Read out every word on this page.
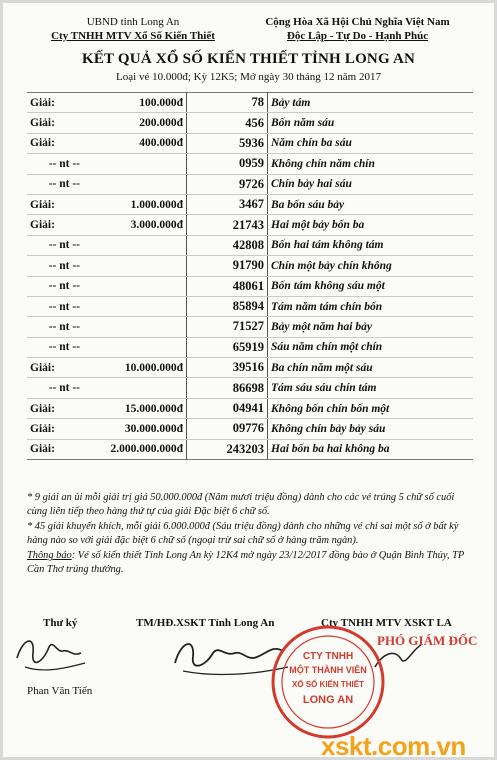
UBND tỉnh Long An
Cty TNHH MTV Xổ Số Kiến Thiết
Cộng Hòa Xã Hội Chủ Nghĩa Việt Nam
Độc Lập - Tự Do - Hạnh Phúc
KẾT QUẢ XỔ SỐ KIẾN THIẾT TỈNH LONG AN
Loại vé 10.000đ; Kỳ 12K5; Mở ngày 30 tháng 12 năm 2017
Giải:	100.000đ	78	Bảy tám
Giải:	200.000đ	456	Bốn năm sáu
Giải:	400.000đ	5936	Năm chín ba sáu
-- nt --		0959	Không chín năm chín
-- nt --		9726	Chín bảy hai sáu
Giải:	1.000.000đ	3467	Ba bốn sáu bảy
Giải:	3.000.000đ	21743	Hai một bảy bốn ba
-- nt --		42808	Bốn hai tám không tám
-- nt --		91790	Chín một bảy chín không
-- nt --		48061	Bốn tám không sáu một
-- nt --		85894	Tám năm tám chín bốn
-- nt --		71527	Bảy một năm hai bảy
-- nt --		65919	Sáu năm chín một chín
Giải:	10.000.000đ	39516	Ba chín năm một sáu
-- nt --		86698	Tám sáu sáu chín tám
Giải:	15.000.000đ	04941	Không bốn chín bốn một
Giải:	30.000.000đ	09776	Không chín bảy bảy sáu
Giải:	2.000.000.000đ	243203	Hai bốn ba hai không ba

* 9 giải an ủi mỗi giải trị giá 50.000.000đ (Năm mươi triệu đồng) dành cho các vé trúng 5 chữ số cuối cùng liên tiếp theo hàng thứ tự của giải Đặc biệt 6 chữ số.

* 45 giải khuyến khích, mỗi giải 6.000.000đ (Sáu triệu đồng) dành cho những vé chỉ sai một số ở bất kỳ hàng nào so với giải đặc biệt 6 chữ số (ngoại trừ sai chữ số ở hàng trăm ngàn).

Thông báo: Vé số kiến thiết Tỉnh Long An kỳ 12K4 mở ngày 23/12/2017 đồng bào ở Quận Bình Thủy, TP Cần Thơ trúng thưởng.

Thư ký	TM/HĐ.XSKT Tỉnh Long An	Cty TNHH MTV XSKT LA
CTY TNHH
MỘT THÀNH VIÊN
XỔ SỐ KIẾN THIẾT
LONG AN
PHÓ GIÁM ĐỐC
Phan Văn Tiến
xskt.com.vn
